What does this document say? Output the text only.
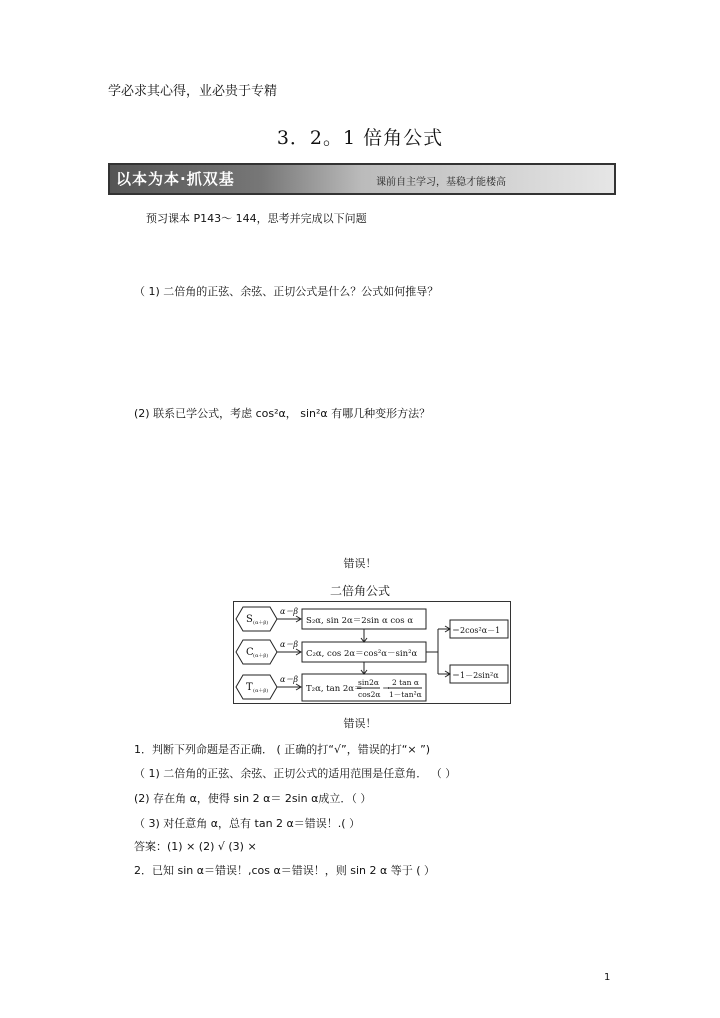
学必求其心得，业必贵于专精
3．2。1 倍角公式
以本为本·抓双基	课前自主学习，基稳才能楼高
预习课本 P143～ 144，思考并完成以下问题
（ 1) 二倍角的正弦、余弦、正切公式是什么？公式如何推导？
(2) 联系已学公式，考虑 cos²α， sin²α 有哪几种变形方法？
错误！
二倍角公式
S (α＋β)
C (α＋β)
T (α＋β)
α＝β
α＝β
α＝β
S₂α, sin 2α＝2sin α cos α
C₂α, cos 2α＝cos²α－sin²α
T₂α, tan 2α＝
sin2α
cos2α
＝
2 tan α
1－tan²α
＝2cos²α－1
＝1－2sin²α
错误！
1．判断下列命题是否正确． ( 正确的打“√”，错误的打“× ”)
（ 1) 二倍角的正弦、余弦、正切公式的适用范围是任意角． （ ）
(2) 存在角 α，使得 sin 2 α＝ 2sin α成立．（ ）
（ 3) 对任意角 α，总有 tan 2 α＝错误！.( ）
答案：(1) × (2) √ (3) ×
2．已知 sin α＝错误！,cos α＝错误！，则 sin 2 α 等于 ( ）
1
